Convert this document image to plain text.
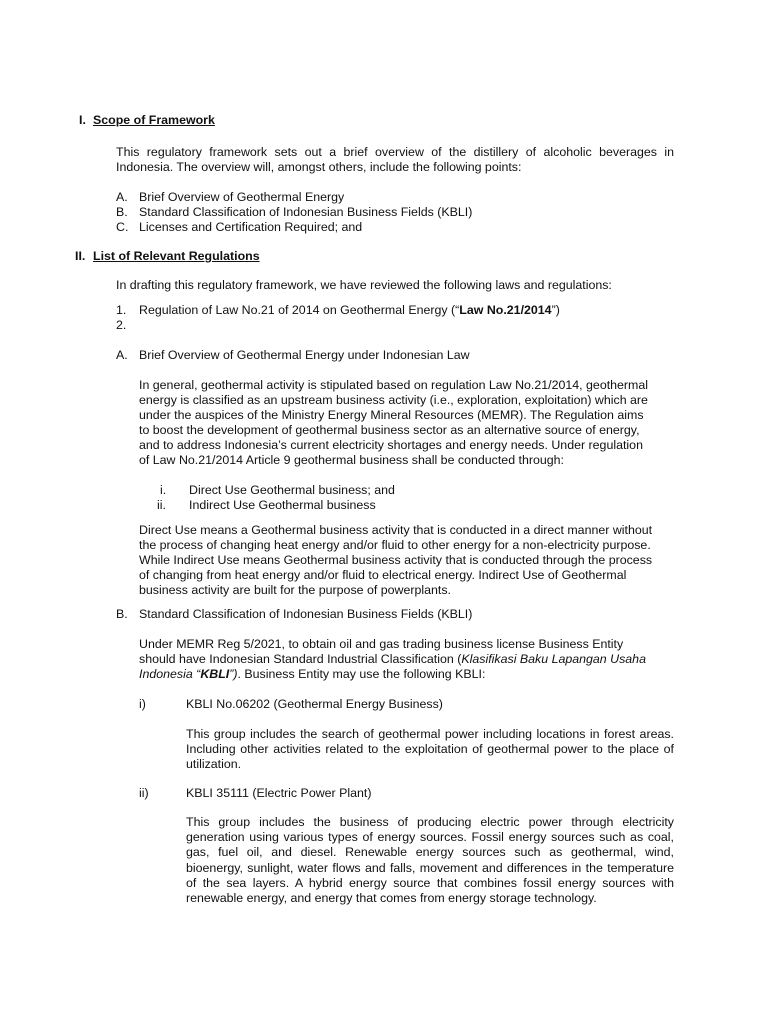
I. Scope of Framework
This regulatory framework sets out a brief overview of the distillery of alcoholic beverages in Indonesia. The overview will, amongst others, include the following points:
A. Brief Overview of Geothermal Energy
B. Standard Classification of Indonesian Business Fields (KBLI)
C. Licenses and Certification Required; and
II. List of Relevant Regulations
In drafting this regulatory framework, we have reviewed the following laws and regulations:
1. Regulation of Law No.21 of 2014 on Geothermal Energy (“Law No.21/2014”)
2.
A. Brief Overview of Geothermal Energy under Indonesian Law
In general, geothermal activity is stipulated based on regulation Law No.21/2014, geothermal
energy is classified as an upstream business activity (i.e., exploration, exploitation) which are
under the auspices of the Ministry Energy Mineral Resources (MEMR). The Regulation aims
to boost the development of geothermal business sector as an alternative source of energy,
and to address Indonesia’s current electricity shortages and energy needs. Under regulation
of Law No.21/2014 Article 9 geothermal business shall be conducted through:
i. Direct Use Geothermal business; and
ii. Indirect Use Geothermal business
Direct Use means a Geothermal business activity that is conducted in a direct manner without
the process of changing heat energy and/or fluid to other energy for a non-electricity purpose.
While Indirect Use means Geothermal business activity that is conducted through the process
of changing from heat energy and/or fluid to electrical energy. Indirect Use of Geothermal
business activity are built for the purpose of powerplants.
B. Standard Classification of Indonesian Business Fields (KBLI)
Under MEMR Reg 5/2021, to obtain oil and gas trading business license Business Entity
should have Indonesian Standard Industrial Classification (Klasifikasi Baku Lapangan Usaha
Indonesia “KBLI”). Business Entity may use the following KBLI:
i)	KBLI No.06202 (Geothermal Energy Business)
This group includes the search of geothermal power including locations in forest areas. Including other activities related to the exploitation of geothermal power to the place of utilization.
ii)	KBLI 35111 (Electric Power Plant)
This group includes the business of producing electric power through electricity generation using various types of energy sources. Fossil energy sources such as coal, gas, fuel oil, and diesel. Renewable energy sources such as geothermal, wind, bioenergy, sunlight, water flows and falls, movement and differences in the temperature of the sea layers. A hybrid energy source that combines fossil energy sources with renewable energy, and energy that comes from energy storage technology.
